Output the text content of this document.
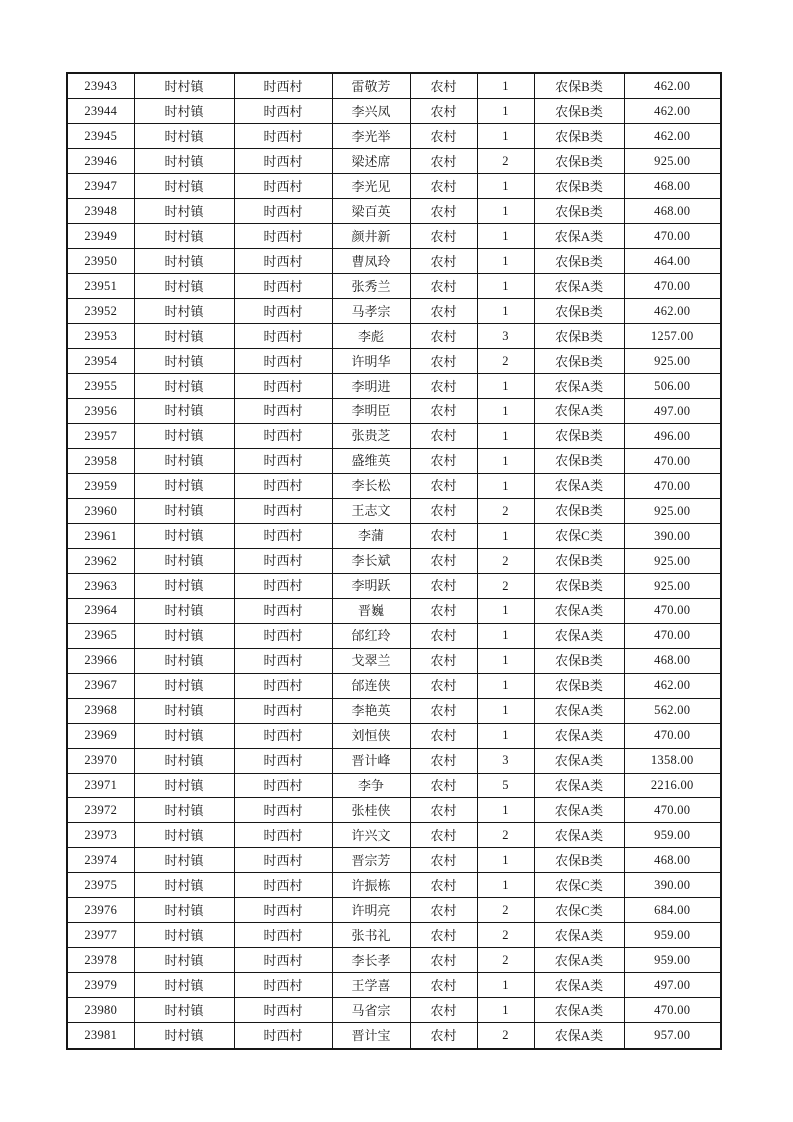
23943	时村镇	时西村	雷敬芳	农村	1	农保B类	462.00
23944	时村镇	时西村	李兴凤	农村	1	农保B类	462.00
23945	时村镇	时西村	李光举	农村	1	农保B类	462.00
23946	时村镇	时西村	梁述席	农村	2	农保B类	925.00
23947	时村镇	时西村	李光见	农村	1	农保B类	468.00
23948	时村镇	时西村	梁百英	农村	1	农保B类	468.00
23949	时村镇	时西村	颜井新	农村	1	农保A类	470.00
23950	时村镇	时西村	曹凤玲	农村	1	农保B类	464.00
23951	时村镇	时西村	张秀兰	农村	1	农保A类	470.00
23952	时村镇	时西村	马孝宗	农村	1	农保B类	462.00
23953	时村镇	时西村	李彪	农村	3	农保B类	1257.00
23954	时村镇	时西村	许明华	农村	2	农保B类	925.00
23955	时村镇	时西村	李明进	农村	1	农保A类	506.00
23956	时村镇	时西村	李明臣	农村	1	农保A类	497.00
23957	时村镇	时西村	张贵芝	农村	1	农保B类	496.00
23958	时村镇	时西村	盛维英	农村	1	农保B类	470.00
23959	时村镇	时西村	李长松	农村	1	农保A类	470.00
23960	时村镇	时西村	王志文	农村	2	农保B类	925.00
23961	时村镇	时西村	李蒲	农村	1	农保C类	390.00
23962	时村镇	时西村	李长斌	农村	2	农保B类	925.00
23963	时村镇	时西村	李明跃	农村	2	农保B类	925.00
23964	时村镇	时西村	晋巍	农村	1	农保A类	470.00
23965	时村镇	时西村	邰红玲	农村	1	农保A类	470.00
23966	时村镇	时西村	戈翠兰	农村	1	农保B类	468.00
23967	时村镇	时西村	邰连侠	农村	1	农保B类	462.00
23968	时村镇	时西村	李艳英	农村	1	农保A类	562.00
23969	时村镇	时西村	刘恒侠	农村	1	农保A类	470.00
23970	时村镇	时西村	晋计峰	农村	3	农保A类	1358.00
23971	时村镇	时西村	李争	农村	5	农保A类	2216.00
23972	时村镇	时西村	张桂侠	农村	1	农保A类	470.00
23973	时村镇	时西村	许兴文	农村	2	农保A类	959.00
23974	时村镇	时西村	晋宗芳	农村	1	农保B类	468.00
23975	时村镇	时西村	许振栋	农村	1	农保C类	390.00
23976	时村镇	时西村	许明亮	农村	2	农保C类	684.00
23977	时村镇	时西村	张书礼	农村	2	农保A类	959.00
23978	时村镇	时西村	李长孝	农村	2	农保A类	959.00
23979	时村镇	时西村	王学喜	农村	1	农保A类	497.00
23980	时村镇	时西村	马省宗	农村	1	农保A类	470.00
23981	时村镇	时西村	晋计宝	农村	2	农保A类	957.00
